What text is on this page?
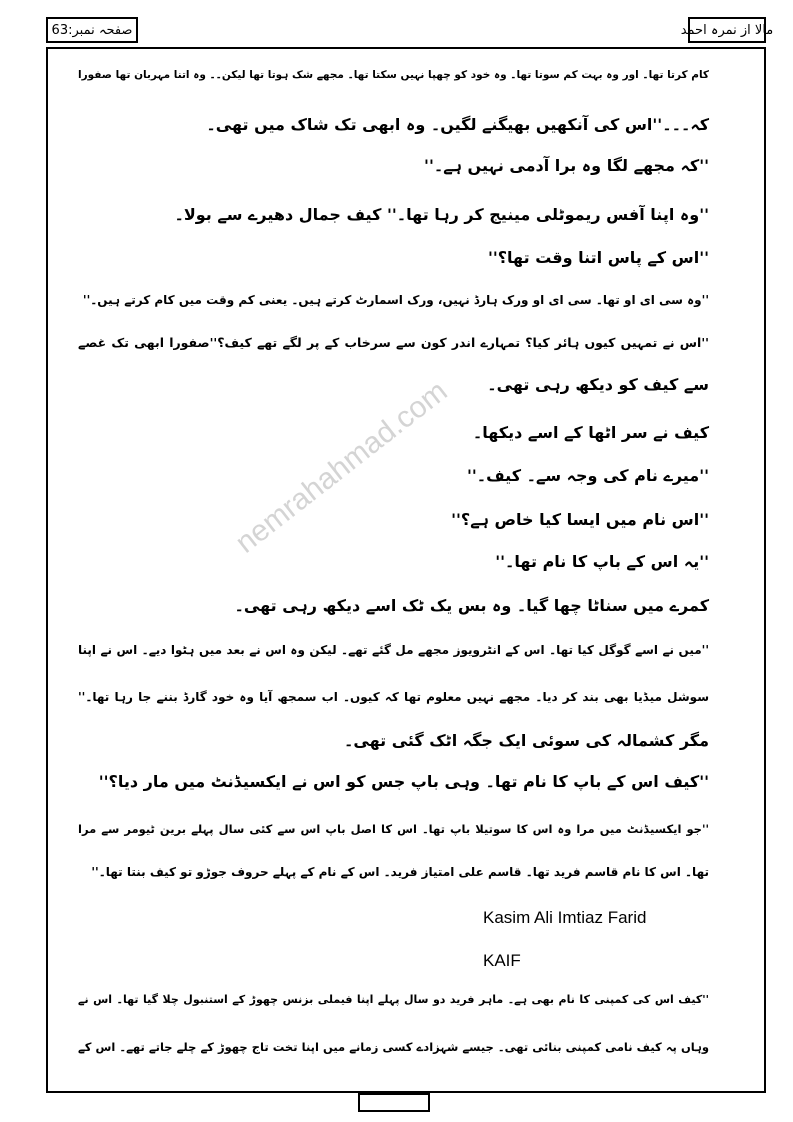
مالا از نمرہ احمد
صفحہ نمبر:63
nemrahahmad.com
کام کرتا تھا۔ اور وہ بہت کم سوتا تھا۔ وہ خود کو چھپا نہیں سکتا تھا۔ مجھے شک ہوتا تھا لیکن۔۔ وہ اتنا مہربان تھا صفورا
کہ۔۔۔''اس کی آنکھیں بھیگنے لگیں۔ وہ ابھی تک شاک میں تھی۔
''کہ مجھے لگا وہ برا آدمی نہیں ہے۔''
''وہ اپنا آفس ریموٹلی مینیج کر رہا تھا۔'' کیف جمال دھیرے سے بولا۔
''اس کے پاس اتنا وقت تھا؟''
''وہ سی ای او تھا۔ سی ای او ورک ہارڈ نہیں، ورک اسمارٹ کرتے ہیں۔ یعنی کم وقت میں کام کرتے ہیں۔''
''اس نے تمہیں کیوں ہائر کیا؟ تمہارے اندر کون سے سرخاب کے پر لگے تھے کیف؟''صفورا ابھی تک غصے
سے کیف کو دیکھ رہی تھی۔
کیف نے سر اٹھا کے اسے دیکھا۔
''میرے نام کی وجہ سے۔ کیف۔''
''اس نام میں ایسا کیا خاص ہے؟''
''یہ اس کے باپ کا نام تھا۔''
کمرے میں سناٹا چھا گیا۔ وہ بس یک ٹک اسے دیکھ رہی تھی۔
''میں نے اسے گوگل کیا تھا۔ اس کے انٹرویوز مجھے مل گئے تھے۔ لیکن وہ اس نے بعد میں ہٹوا دیے۔ اس نے اپنا
سوشل میڈیا بھی بند کر دیا۔ مجھے نہیں معلوم تھا کہ کیوں۔ اب سمجھ آیا وہ خود گارڈ بننے جا رہا تھا۔''
مگر کشمالہ کی سوئی ایک جگہ اٹک گئی تھی۔
''کیف اس کے باپ کا نام تھا۔ وہی باپ جس کو اس نے ایکسیڈنٹ میں مار دیا؟''
''جو ایکسیڈنٹ میں مرا وہ اس کا سوتیلا باپ تھا۔ اس کا اصل باپ اس سے کئی سال پہلے برین ٹیومر سے مرا
تھا۔ اس کا نام قاسم فرید تھا۔ قاسم علی امتیاز فرید۔ اس کے نام کے پہلے حروف جوڑو تو کیف بنتا تھا۔''
Kasim Ali Imtiaz Farid
KAIF
''کیف اس کی کمپنی کا نام بھی ہے۔ ماہر فرید دو سال پہلے اپنا فیملی بزنس چھوڑ کے استنبول چلا گیا تھا۔ اس نے
وہاں پہ کیف نامی کمپنی بنائی تھی۔ جیسے شہزادے کسی زمانے میں اپنا تخت تاج چھوڑ کے چلے جاتے تھے۔ اس کے
